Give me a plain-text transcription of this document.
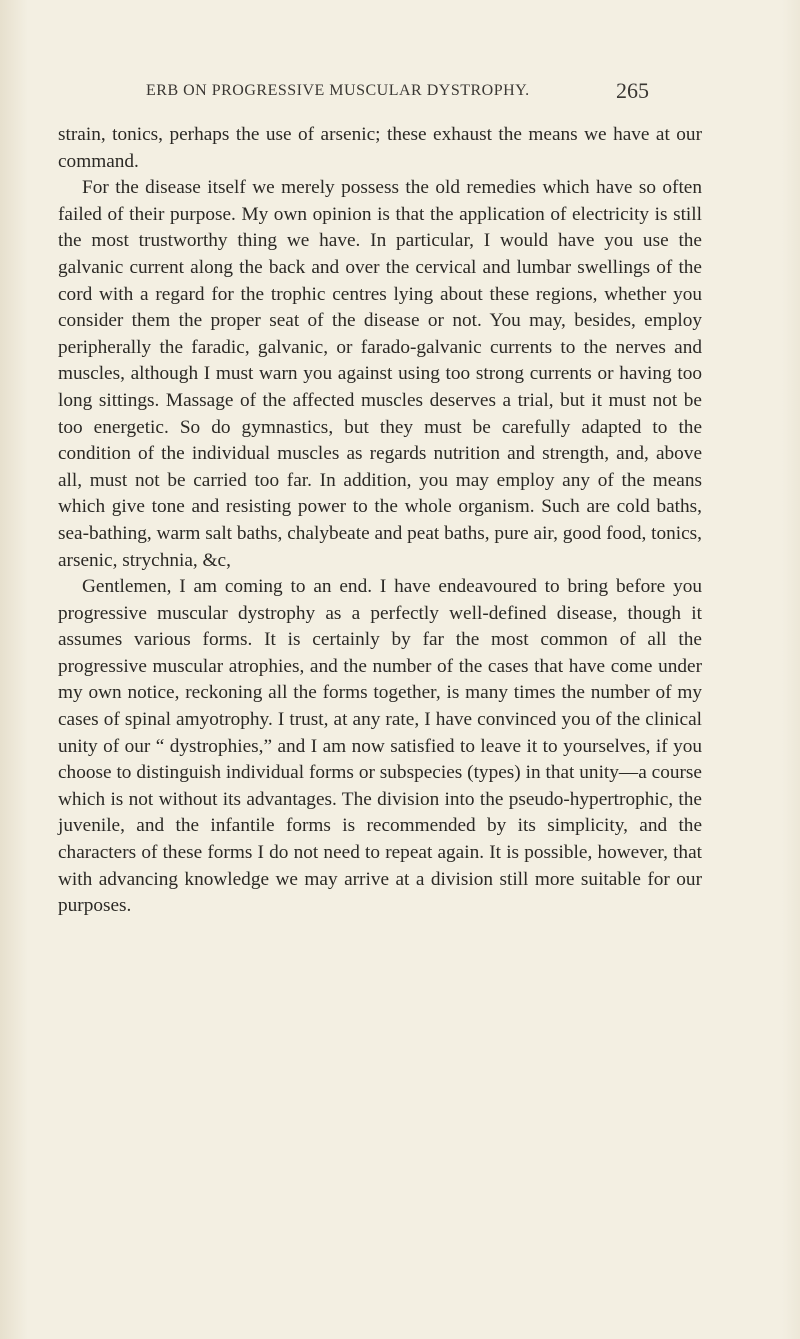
ERB ON PROGRESSIVE MUSCULAR DYSTROPHY.	265

strain, tonics, perhaps the use of arsenic; these exhaust the means we have at our command.

For the disease itself we merely possess the old remedies which have so often failed of their purpose. My own opinion is that the application of electricity is still the most trustworthy thing we have. In particular, I would have you use the galvanic current along the back and over the cervical and lumbar swellings of the cord with a regard for the trophic centres lying about these regions, whether you consider them the proper seat of the disease or not. You may, besides, employ peripherally the faradic, galvanic, or farado-galvanic currents to the nerves and muscles, although I must warn you against using too strong currents or having too long sittings. Massage of the affected muscles deserves a trial, but it must not be too energetic. So do gymnastics, but they must be carefully adapted to the condition of the individual muscles as regards nutrition and strength, and, above all, must not be carried too far. In addition, you may employ any of the means which give tone and resisting power to the whole organism. Such are cold baths, sea-bathing, warm salt baths, chalybeate and peat baths, pure air, good food, tonics, arsenic, strychnia, &c,

Gentlemen, I am coming to an end. I have endeavoured to bring before you progressive muscular dystrophy as a perfectly well-defined disease, though it assumes various forms. It is certainly by far the most common of all the progressive muscular atrophies, and the number of the cases that have come under my own notice, reckoning all the forms together, is many times the number of my cases of spinal amyotrophy. I trust, at any rate, I have convinced you of the clinical unity of our “ dystrophies,” and I am now satisfied to leave it to yourselves, if you choose to distinguish individual forms or subspecies (types) in that unity—a course which is not without its advantages. The division into the pseudo-hypertrophic, the juvenile, and the infantile forms is recommended by its simplicity, and the characters of these forms I do not need to repeat again. It is possible, however, that with advancing knowledge we may arrive at a division still more suitable for our purposes.
